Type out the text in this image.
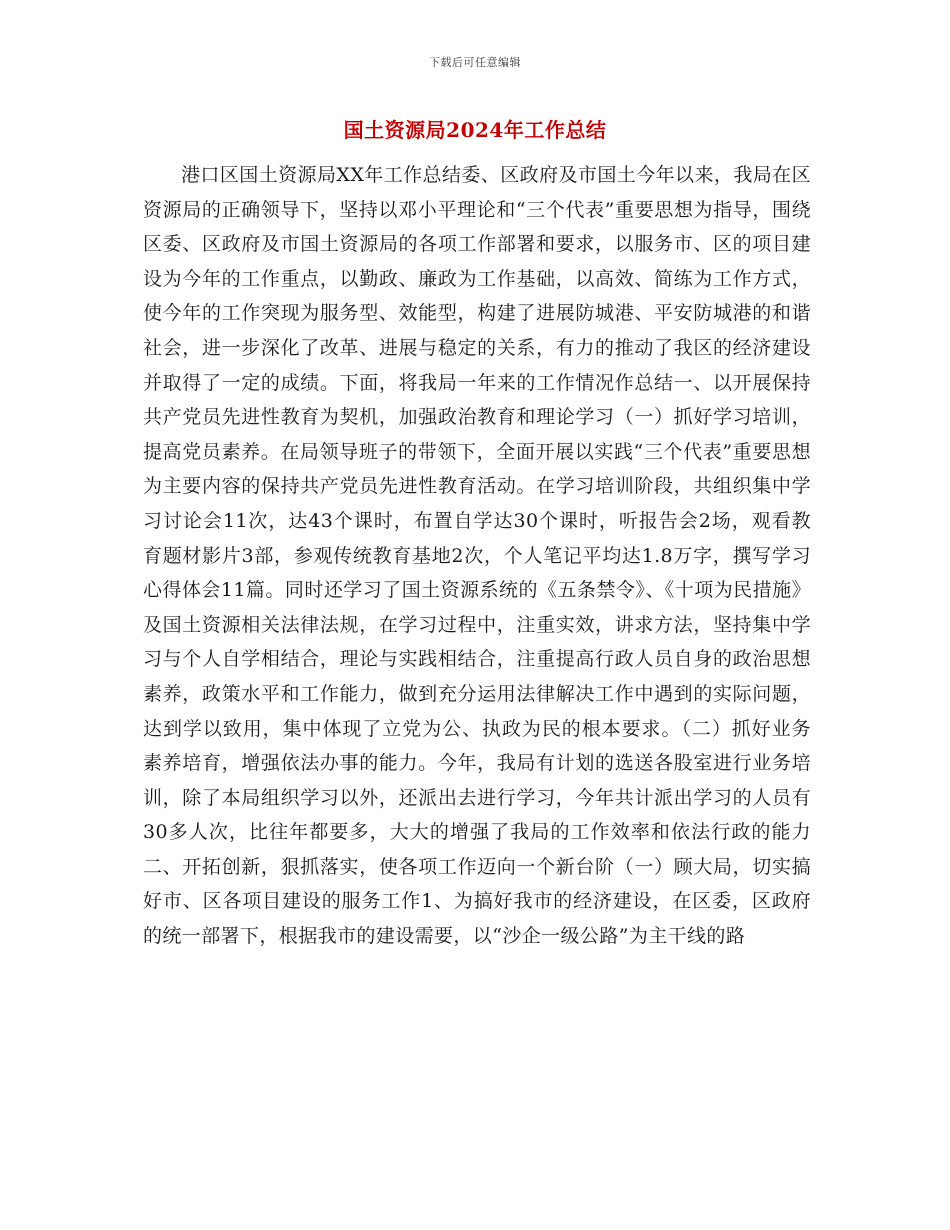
下载后可任意编辑
国土资源局2024年工作总结

港口区国土资源局XX年工作总结委、区政府及市国土今年以来，我局在区资源局的正确领导下，坚持以邓小平理论和“三个代表”重要思想为指导，围绕区委、区政府及市国土资源局的各项工作部署和要求，以服务市、区的项目建设为今年的工作重点，以勤政、廉政为工作基础，以高效、简练为工作方式，使今年的工作突现为服务型、效能型，构建了进展防城港、平安防城港的和谐社会，进一步深化了改革、进展与稳定的关系，有力的推动了我区的经济建设并取得了一定的成绩。下面，将我局一年来的工作情况作总结一、以开展保持共产党员先进性教育为契机，加强政治教育和理论学习（一）抓好学习培训，提高党员素养。在局领导班子的带领下，全面开展以实践“三个代表”重要思想为主要内容的保持共产党员先进性教育活动。在学习培训阶段，共组织集中学习讨论会11次，达43个课时，布置自学达30个课时，听报告会2场，观看教育题材影片3部，参观传统教育基地2次，个人笔记平均达1.8万字，撰写学习心得体会11篇。同时还学习了国土资源系统的《五条禁令》、《十项为民措施》及国土资源相关法律法规，在学习过程中，注重实效，讲求方法，坚持集中学习与个人自学相结合，理论与实践相结合，注重提高行政人员自身的政治思想素养，政策水平和工作能力，做到充分运用法律解决工作中遇到的实际问题，达到学以致用，集中体现了立党为公、执政为民的根本要求。（二）抓好业务素养培育，增强依法办事的能力。今年，我局有计划的选送各股室进行业务培训，除了本局组织学习以外，还派出去进行学习，今年共计派出学习的人员有30多人次，比往年都要多，大大的增强了我局的工作效率和依法行政的能力二、开拓创新，狠抓落实，使各项工作迈向一个新台阶（一）顾大局，切实搞好市、区各项目建设的服务工作1、为搞好我市的经济建设，在区委，区政府的统一部署下，根据我市的建设需要，以“沙企一级公路”为主干线的路
